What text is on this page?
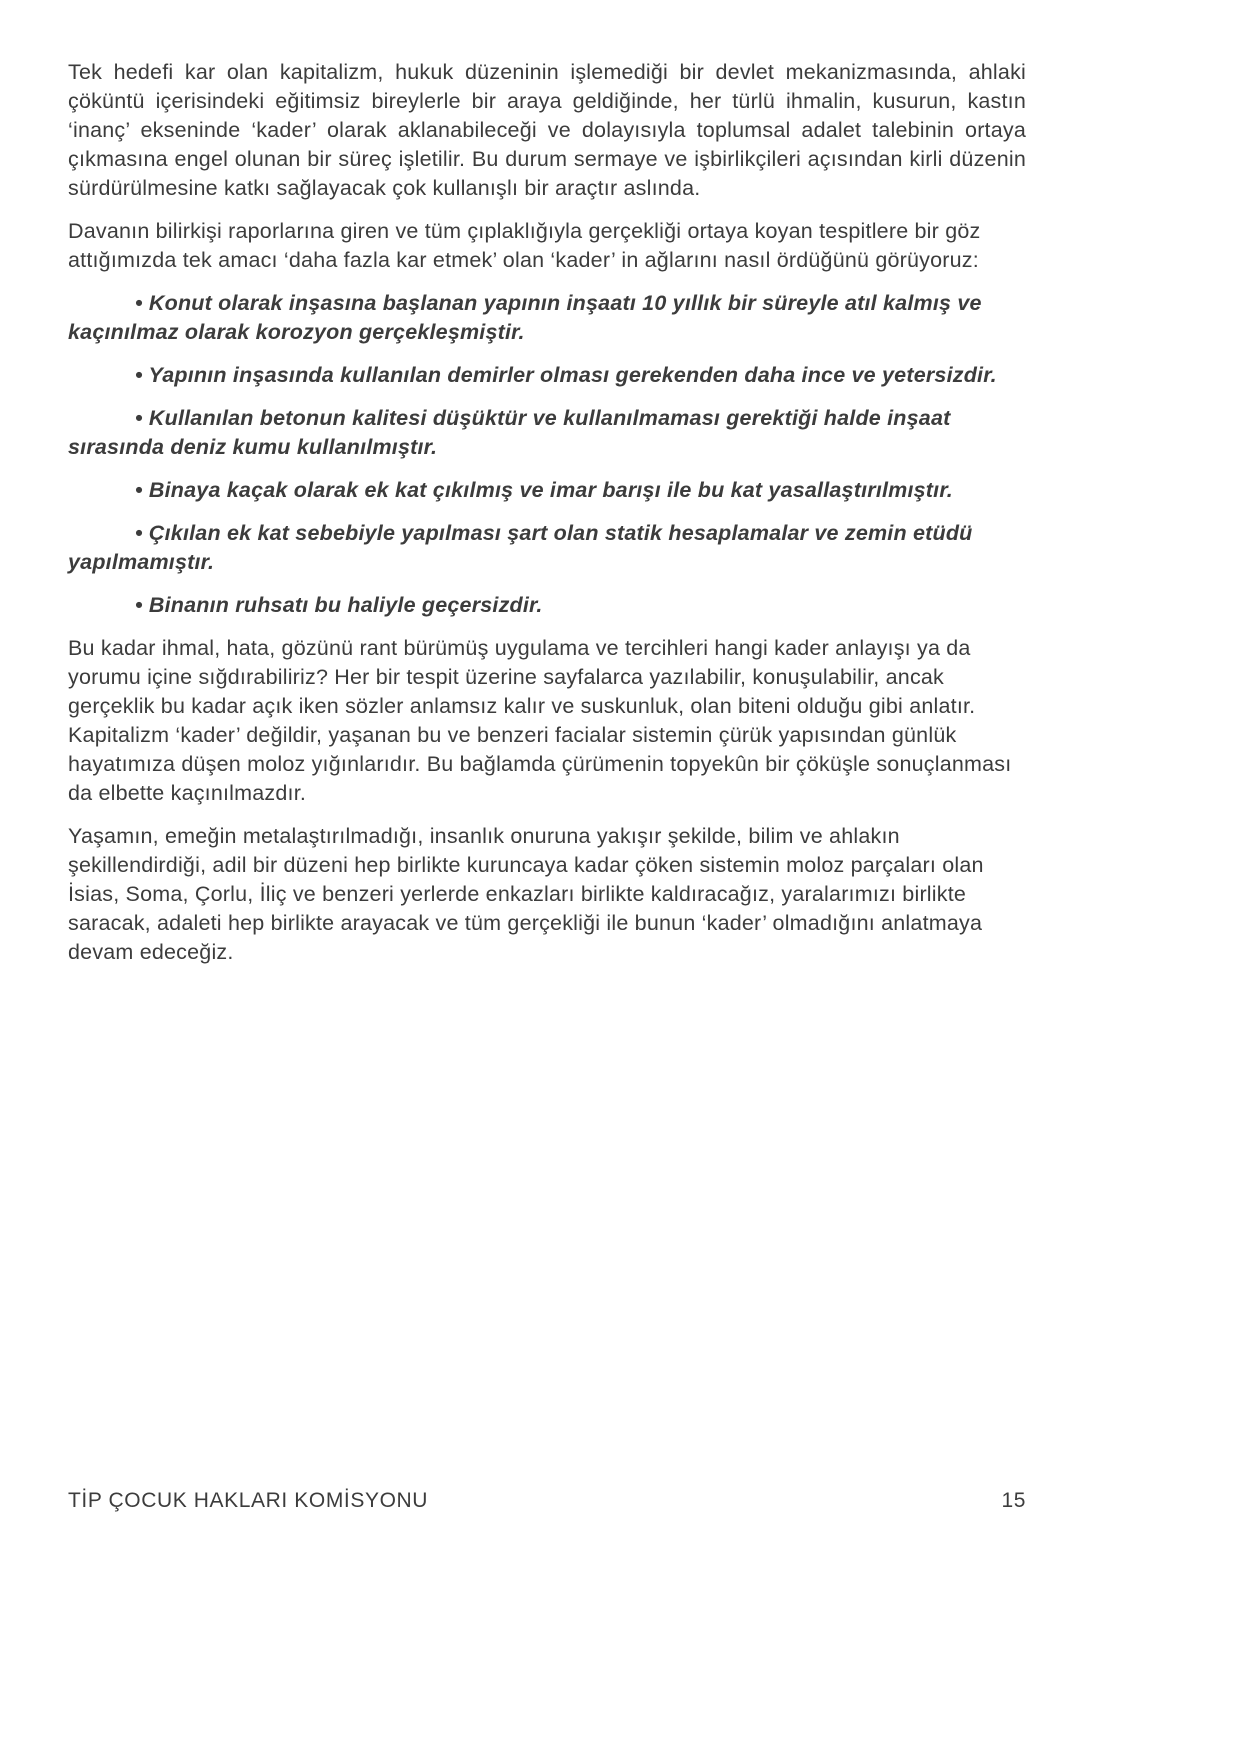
Tek hedefi kar olan kapitalizm, hukuk düzeninin işlemediği bir devlet mekanizmasında, ahlaki çöküntü içerisindeki eğitimsiz bireylerle bir araya geldiğinde, her türlü ihmalin, kusurun, kastın ‘inanç’ ekseninde ‘kader’ olarak aklanabileceği ve dolayısıyla toplumsal adalet talebinin ortaya çıkmasına engel olunan bir süreç işletilir. Bu durum sermaye ve işbirlikçileri açısından kirli düzenin sürdürülmesine katkı sağlayacak çok kullanışlı bir araçtır aslında.

Davanın bilirkişi raporlarına giren ve tüm çıplaklığıyla gerçekliği ortaya koyan tespitlere bir göz attığımızda tek amacı ‘daha fazla kar etmek’ olan ‘kader’ in ağlarını nasıl ördüğünü görüyoruz:

• Konut olarak inşasına başlanan yapının inşaatı 10 yıllık bir süreyle atıl kalmış ve kaçınılmaz olarak korozyon gerçekleşmiştir.

• Yapının inşasında kullanılan demirler olması gerekenden daha ince ve yetersizdir.

• Kullanılan betonun kalitesi düşüktür ve kullanılmaması gerektiği halde inşaat sırasında deniz kumu kullanılmıştır.

• Binaya kaçak olarak ek kat çıkılmış ve imar barışı ile bu kat yasallaştırılmıştır.

• Çıkılan ek kat sebebiyle yapılması şart olan statik hesaplamalar ve zemin etüdü yapılmamıştır.

• Binanın ruhsatı bu haliyle geçersizdir.

Bu kadar ihmal, hata, gözünü rant bürümüş uygulama ve tercihleri hangi kader anlayışı ya da yorumu içine sığdırabiliriz? Her bir tespit üzerine sayfalarca yazılabilir, konuşulabilir, ancak gerçeklik bu kadar açık iken sözler anlamsız kalır ve suskunluk, olan biteni olduğu gibi anlatır. Kapitalizm ‘kader’ değildir, yaşanan bu ve benzeri facialar sistemin çürük yapısından günlük hayatımıza düşen moloz yığınlarıdır. Bu bağlamda çürümenin topyekûn bir çöküşle sonuçlanması da elbette kaçınılmazdır.

Yaşamın, emeğin metalaştırılmadığı, insanlık onuruna yakışır şekilde, bilim ve ahlakın şekillendirdiği, adil bir düzeni hep birlikte kuruncaya kadar çöken sistemin moloz parçaları olan İsias, Soma, Çorlu, İliç ve benzeri yerlerde enkazları birlikte kaldıracağız, yaralarımızı birlikte saracak, adaleti hep birlikte arayacak ve tüm gerçekliği ile bunun ‘kader’ olmadığını anlatmaya devam edeceğiz.

TİP ÇOCUK HAKLARI KOMİSYONU	15
